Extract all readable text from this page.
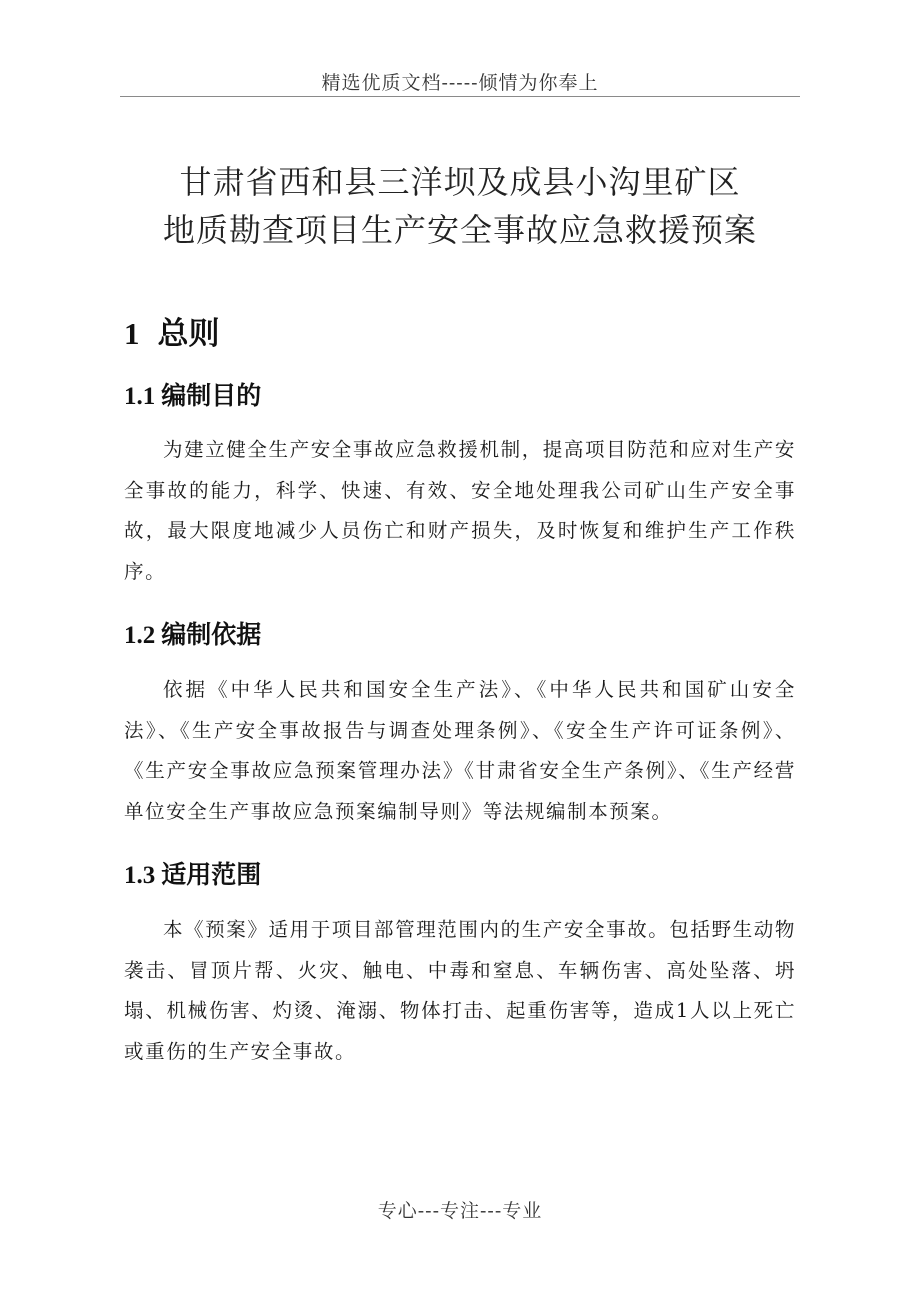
精选优质文档-----倾情为你奉上
甘肃省西和县三洋坝及成县小沟里矿区
地质勘查项目生产安全事故应急救援预案
1 总则
1.1 编制目的
为建立健全生产安全事故应急救援机制，提高项目防范和应对生产安全事故的能力，科学、快速、有效、安全地处理我公司矿山生产安全事故，最大限度地减少人员伤亡和财产损失，及时恢复和维护生产工作秩序。
1.2 编制依据
依据《中华人民共和国安全生产法》、《中华人民共和国矿山安全法》、《生产安全事故报告与调查处理条例》、《安全生产许可证条例》、《生产安全事故应急预案管理办法》《甘肃省安全生产条例》、《生产经营单位安全生产事故应急预案编制导则》等法规编制本预案。
1.3 适用范围
本《预案》适用于项目部管理范围内的生产安全事故。包括野生动物袭击、冒顶片帮、火灾、触电、中毒和窒息、车辆伤害、高处坠落、坍塌、机械伤害、灼烫、淹溺、物体打击、起重伤害等，造成1人以上死亡或重伤的生产安全事故。
专心---专注---专业
